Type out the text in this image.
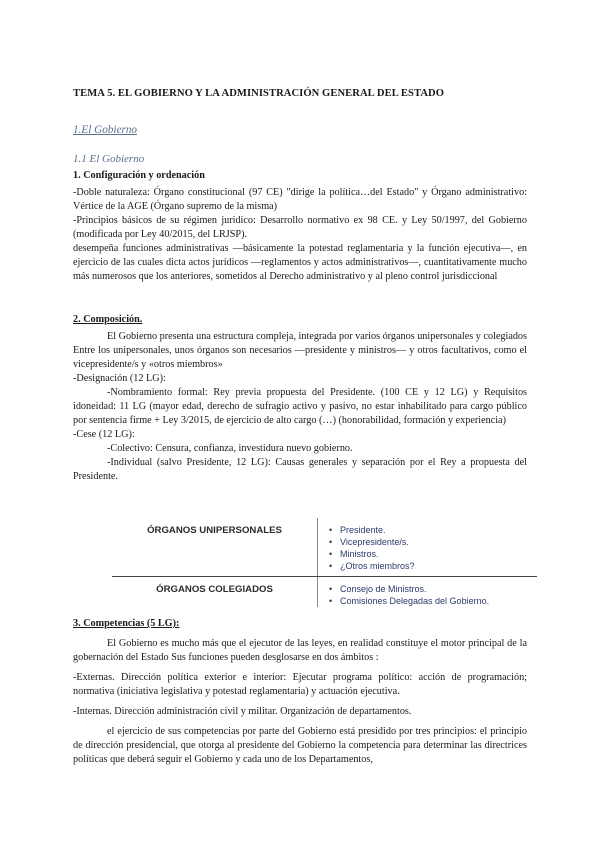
TEMA 5. EL GOBIERNO Y LA ADMINISTRACIÓN GENERAL DEL ESTADO
1.El Gobierno
1.1 El Gobierno

1. Configuración y ordenación

-Doble naturaleza: Órgano constitucional (97 CE) "dirige la política…del Estado" y Órgano administrativo: Vértice de la AGE (Órgano supremo de la misma)

-Principios básicos de su régimen jurídico: Desarrollo normativo ex 98 CE. y Ley 50/1997, del Gobierno (modificada por Ley 40/2015, del LRJSP).

desempeña funciones administrativas —básicamente la potestad reglamentaria y la función ejecutiva—, en ejercicio de las cuales dicta actos jurídicos —reglamentos y actos administrativos—, cuantitativamente mucho más numerosos que los anteriores, sometidos al Derecho administrativo y al pleno control jurisdiccional

2. Composición.

El Gobierno presenta una estructura compleja, integrada por varios órganos unipersonales y colegiados Entre los unipersonales, unos órganos son necesarios —presidente y ministros— y otros facultativos, como el vicepresidente/s y «otros miembros»

-Designación (12 LG):

-Nombramiento formal: Rey previa propuesta del Presidente. (100 CE y 12 LG) y Requisitos idoneidad: 11 LG (mayor edad, derecho de sufragio activo y pasivo, no estar inhabilitado para cargo público por sentencia firme + Ley 3/2015, de ejercicio de alto cargo (…) (honorabilidad, formación y experiencia)

-Cese (12 LG):

-Colectivo: Censura, confianza, investidura nuevo gobierno.

-Individual (salvo Presidente, 12 LG): Causas generales y separación por el Rey a propuesta del Presidente.

ÓRGANOS UNIPERSONALES	• Presidente.
• Vicepresidente/s.
• Ministros.
• ¿Otros miembros?
ÓRGANOS COLEGIADOS	• Consejo de Ministros.
• Comisiones Delegadas del Gobierno.

3. Competencias (5 LG):

El Gobierno es mucho más que el ejecutor de las leyes, en realidad constituye el motor principal de la gobernación del Estado Sus funciones pueden desglosarse en dos ámbitos :

-Externas. Dirección política exterior e interior: Ejecutar programa político: acción de programación; normativa (iniciativa legislativa y potestad reglamentaria) y actuación ejecutiva.

-Internas. Dirección administración civil y militar. Organización de departamentos.

el ejercicio de sus competencias por parte del Gobierno está presidido por tres principios: el principio de dirección presidencial, que otorga al presidente del Gobierno la competencia para determinar las directrices políticas que deberá seguir el Gobierno y cada uno de los Departamentos,
